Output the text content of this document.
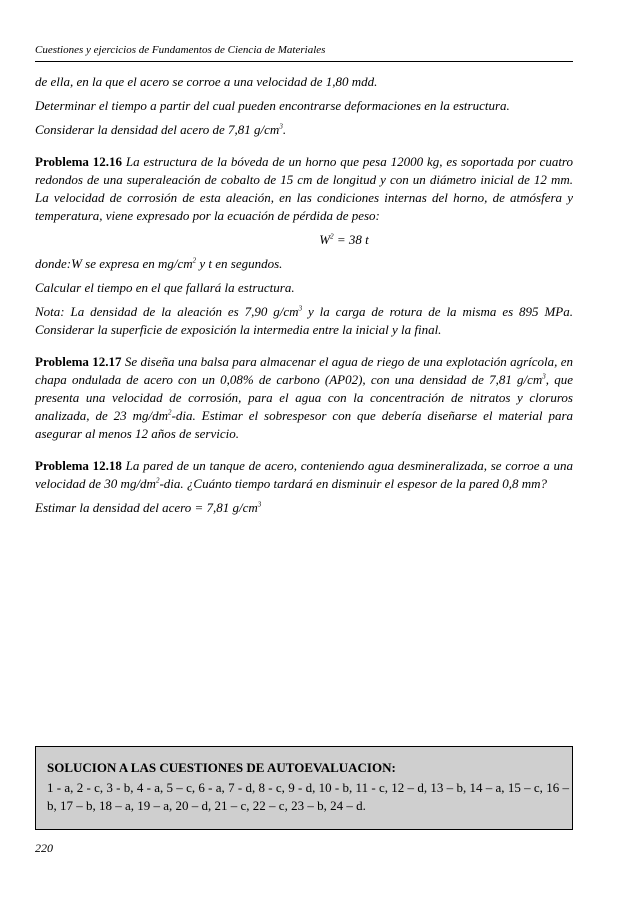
Cuestiones y ejercicios de Fundamentos de Ciencia de Materiales

de ella, en la que el acero se corroe a una velocidad de 1,80 mdd.

Determinar el tiempo a partir del cual pueden encontrarse deformaciones en la estructura.

Considerar la densidad del acero de 7,81 $g/cm^3$.

Problema 12.16 La estructura de la bóveda de un horno que pesa 12000 kg, es soportada por cuatro redondos de una superaleación de cobalto de 15 cm de longitud y con un diámetro inicial de 12 mm. La velocidad de corrosión de esta aleación, en las condiciones internas del horno, de atmósfera y temperatura, viene expresado por la ecuación de pérdida de peso:

$W^2 = 38$ t

donde:W se expresa en $mg/cm^2$ y t en segundos.

Calcular el tiempo en el que fallará la estructura.

Nota: La densidad de la aleación es 7,90 $g/cm^3$ y la carga de rotura de la misma es 895 MPa. Considerar la superficie de exposición la intermedia entre la inicial y la final.

Problema 12.17 Se diseña una balsa para almacenar el agua de riego de una explotación agrícola, en chapa ondulada de acero con un 0,08% de carbono (AP02), con una densidad de 7,81 $g/cm^3$, que presenta una velocidad de corrosión, para el agua con la concentración de nitratos y cloruros analizada, de 23 $mg/dm^2$-dia. Estimar el sobrespesor con que debería diseñarse el material para asegurar al menos 12 años de servicio.

Problema 12.18 La pared de un tanque de acero, conteniendo agua desmineralizada, se corroe a una velocidad de 30 $mg/dm^2$-dia. ¿Cuánto tiempo tardará en disminuir el espesor de la pared 0,8 mm?

Estimar la densidad del acero = 7,81 $g/cm^3$

SOLUCION A LAS CUESTIONES DE AUTOEVALUACION:
1 - a, 2 - c, 3 - b, 4 - a, 5 – c, 6 - a, 7 - d, 8 - c, 9 - d, 10 - b, 11 - c, 12 – d, 13 – b, 14 – a, 15 – c, 16 – b, 17 – b, 18 – a, 19 – a, 20 – d, 21 – c, 22 – c, 23 – b, 24 – d.
220
